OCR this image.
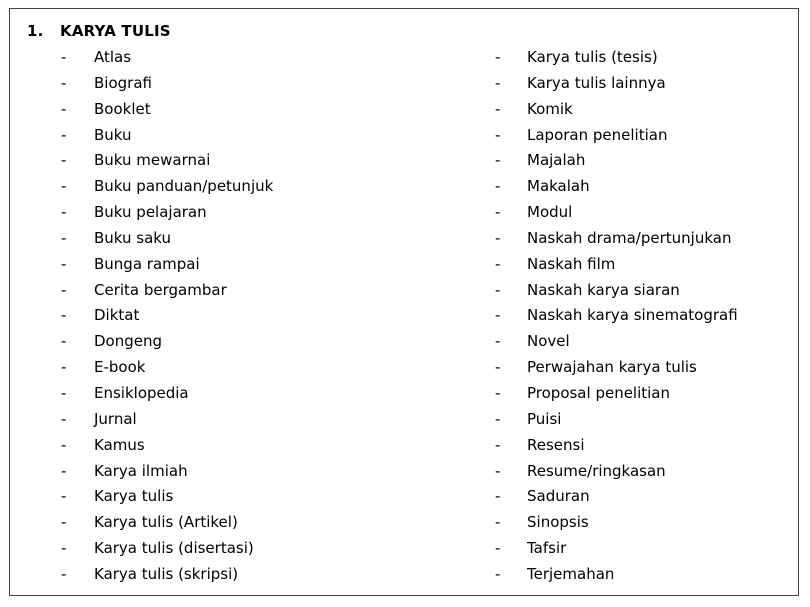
1. KARYA TULIS
- Atlas
- Biografi
- Booklet
- Buku
- Buku mewarnai
- Buku panduan/petunjuk
- Buku pelajaran
- Buku saku
- Bunga rampai
- Cerita bergambar
- Diktat
- Dongeng
- E-book
- Ensiklopedia
- Jurnal
- Kamus
- Karya ilmiah
- Karya tulis
- Karya tulis (Artikel)
- Karya tulis (disertasi)
- Karya tulis (skripsi)
- Karya tulis (tesis)
- Karya tulis lainnya
- Komik
- Laporan penelitian
- Majalah
- Makalah
- Modul
- Naskah drama/pertunjukan
- Naskah film
- Naskah karya siaran
- Naskah karya sinematografi
- Novel
- Perwajahan karya tulis
- Proposal penelitian
- Puisi
- Resensi
- Resume/ringkasan
- Saduran
- Sinopsis
- Tafsir
- Terjemahan
